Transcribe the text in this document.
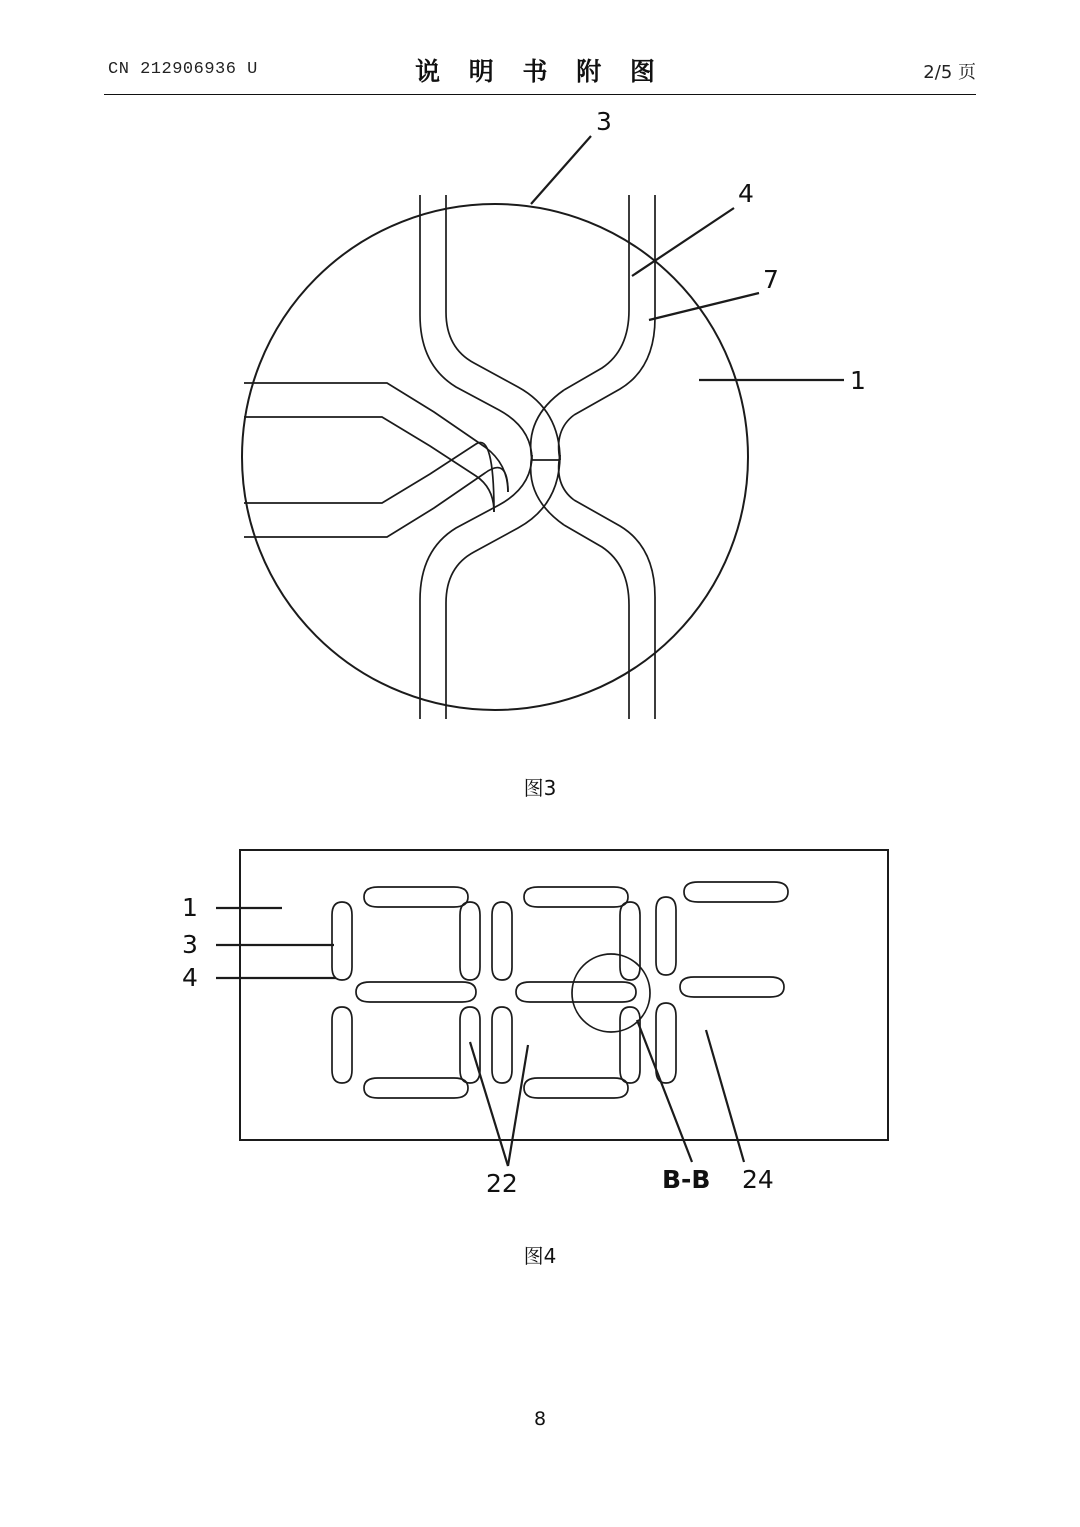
CN 212906936 U	说 明 书 附 图	2/5 页
3
4
7
1
图3
1
3
4
22	B-B 24
图4
8
